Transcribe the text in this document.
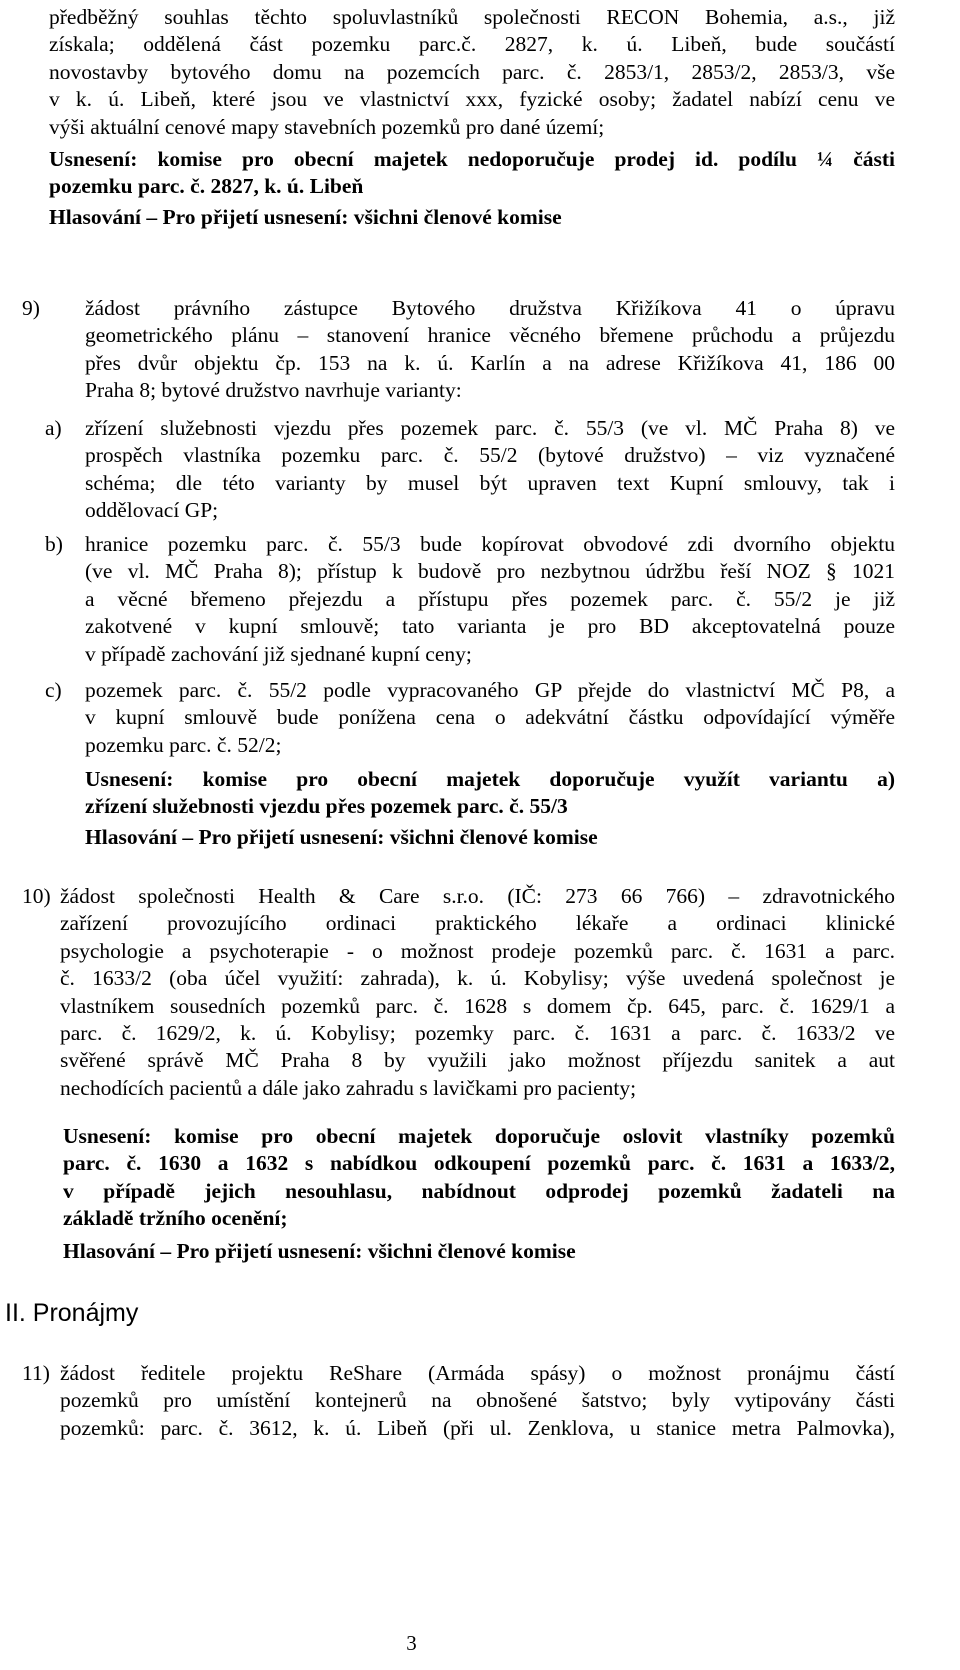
předběžný souhlas těchto spoluvlastníků společnosti RECON Bohemia, a.s., již
získala; oddělená část pozemku parc.č. 2827, k. ú. Libeň, bude součástí
novostavby bytového domu na pozemcích parc. č. 2853/1, 2853/2, 2853/3, vše
v k. ú. Libeň, které jsou ve vlastnictví xxx, fyzické osoby; žadatel nabízí cenu ve
výši aktuální cenové mapy stavebních pozemků pro dané území;
Usnesení: komise pro obecní majetek nedoporučuje prodej id. podílu ¼ části
pozemku parc. č. 2827, k. ú. Libeň
Hlasování – Pro přijetí usnesení: všichni členové komise
9) žádost právního zástupce Bytového družstva Křižíkova 41 o úpravu
geometrického plánu – stanovení hranice věcného břemene průchodu a průjezdu
přes dvůr objektu čp. 153 na k. ú. Karlín a na adrese Křižíkova 41, 186 00
Praha 8; bytové družstvo navrhuje varianty:
a) zřízení služebnosti vjezdu přes pozemek parc. č. 55/3 (ve vl. MČ Praha 8) ve
prospěch vlastníka pozemku parc. č. 55/2 (bytové družstvo) – viz vyznačené
schéma; dle této varianty by musel být upraven text Kupní smlouvy, tak i
oddělovací GP;
b) hranice pozemku parc. č. 55/3 bude kopírovat obvodové zdi dvorního objektu
(ve vl. MČ Praha 8); přístup k budově pro nezbytnou údržbu řeší NOZ § 1021
a věcné břemeno přejezdu a přístupu přes pozemek parc. č. 55/2 je již
zakotvené v kupní smlouvě; tato varianta je pro BD akceptovatelná pouze
v případě zachování již sjednané kupní ceny;
c) pozemek parc. č. 55/2 podle vypracovaného GP přejde do vlastnictví MČ P8, a
v kupní smlouvě bude ponížena cena o adekvátní částku odpovídající výměře
pozemku parc. č. 52/2;
Usnesení: komise pro obecní majetek doporučuje využít variantu a)
zřízení služebnosti vjezdu přes pozemek parc. č. 55/3
Hlasování – Pro přijetí usnesení: všichni členové komise
10) žádost společnosti Health & Care s.r.o. (IČ: 273 66 766) – zdravotnického
zařízení provozujícího ordinaci praktického lékaře a ordinaci klinické
psychologie a psychoterapie - o možnost prodeje pozemků parc. č. 1631 a parc.
č. 1633/2 (oba účel využití: zahrada), k. ú. Kobylisy; výše uvedená společnost je
vlastníkem sousedních pozemků parc. č. 1628 s domem čp. 645, parc. č. 1629/1 a
parc. č. 1629/2, k. ú. Kobylisy; pozemky parc. č. 1631 a parc. č. 1633/2 ve
svěřené správě MČ Praha 8 by využili jako možnost příjezdu sanitek a aut
nechodících pacientů a dále jako zahradu s lavičkami pro pacienty;
Usnesení: komise pro obecní majetek doporučuje oslovit vlastníky pozemků
parc. č. 1630 a 1632 s nabídkou odkoupení pozemků parc. č. 1631 a 1633/2,
v případě jejich nesouhlasu, nabídnout odprodej pozemků žadateli na
základě tržního ocenění;
Hlasování – Pro přijetí usnesení: všichni členové komise
II. Pronájmy
11) žádost ředitele projektu ReShare (Armáda spásy) o možnost pronájmu částí
pozemků pro umístění kontejnerů na obnošené šatstvo; byly vytipovány části
pozemků: parc. č. 3612, k. ú. Libeň (při ul. Zenklova, u stanice metra Palmovka),
3
